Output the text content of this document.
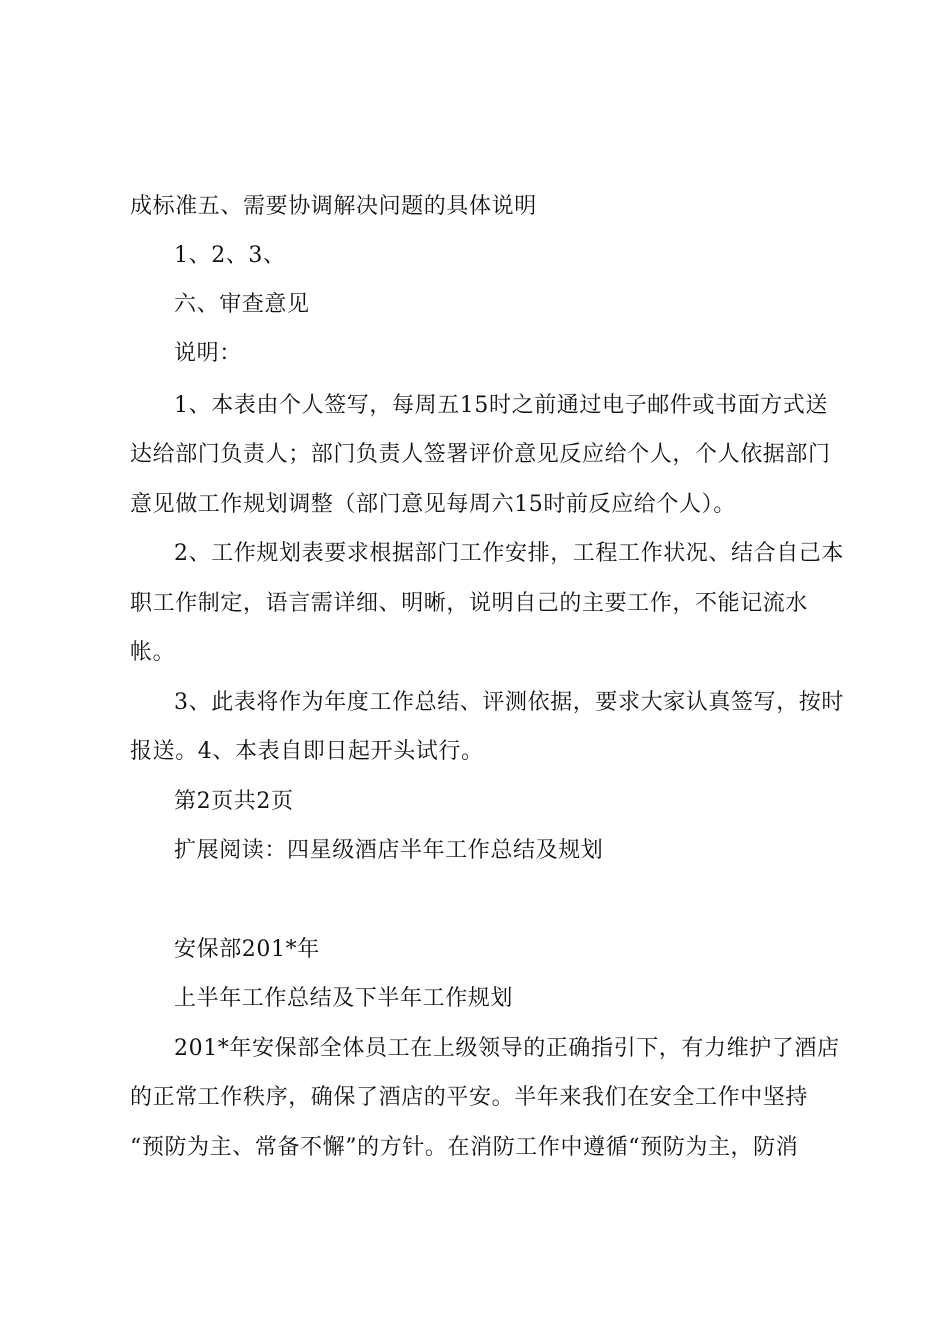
成标准五、需要协调解决问题的具体说明
1、2、3、
六、审查意见
说明：
1、本表由个人签写，每周五15时之前通过电子邮件或书面方式送
达给部门负责人；部门负责人签署评价意见反应给个人，个人依据部门
意见做工作规划调整（部门意见每周六15时前反应给个人）。
2、工作规划表要求根据部门工作安排，工程工作状况、结合自己本
职工作制定，语言需详细、明晰，说明自己的主要工作，不能记流水
帐。
3、此表将作为年度工作总结、评测依据，要求大家认真签写，按时
报送。4、本表自即日起开头试行。
第2页共2页
扩展阅读：四星级酒店半年工作总结及规划
安保部201*年
上半年工作总结及下半年工作规划
201*年安保部全体员工在上级领导的正确指引下，有力维护了酒店
的正常工作秩序，确保了酒店的平安。半年来我们在安全工作中坚持
“预防为主、常备不懈”的方针。在消防工作中遵循“预防为主，防消
